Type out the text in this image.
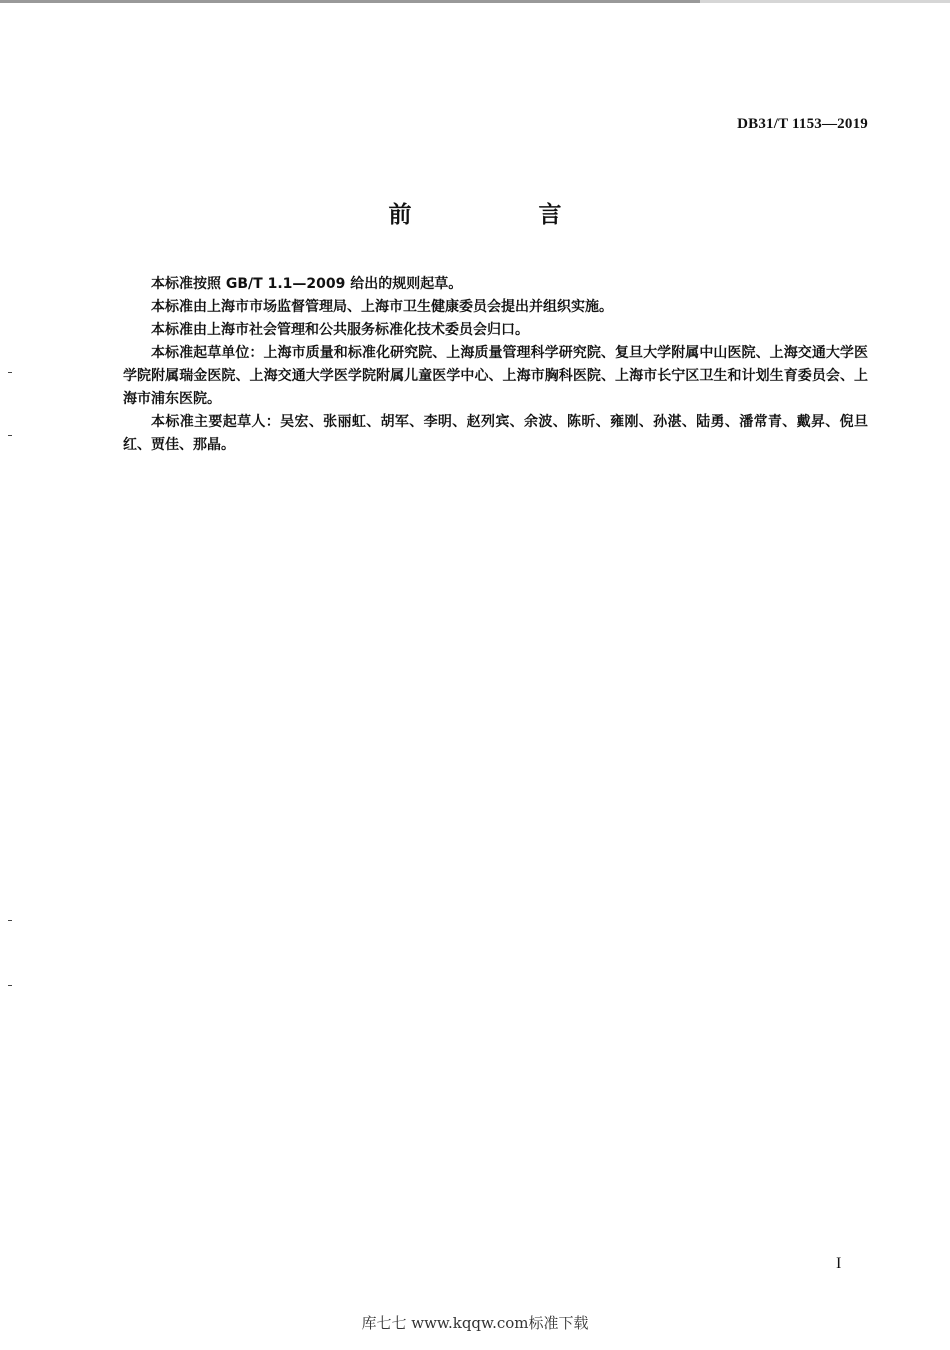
DB31/T 1153—2019
前　言

本标准按照 GB/T 1.1—2009 给出的规则起草。

本标准由上海市市场监督管理局、上海市卫生健康委员会提出并组织实施。

本标准由上海市社会管理和公共服务标准化技术委员会归口。

本标准起草单位：上海市质量和标准化研究院、上海质量管理科学研究院、复旦大学附属中山医院、上海交通大学医学院附属瑞金医院、上海交通大学医学院附属儿童医学中心、上海市胸科医院、上海市长宁区卫生和计划生育委员会、上海市浦东医院。

本标准主要起草人：吴宏、张丽虹、胡军、李明、赵列宾、余波、陈昕、雍刚、孙湛、陆勇、潘常青、戴昇、倪旦红、贾佳、那晶。

I
库七七 www.kqqw.com标准下载
